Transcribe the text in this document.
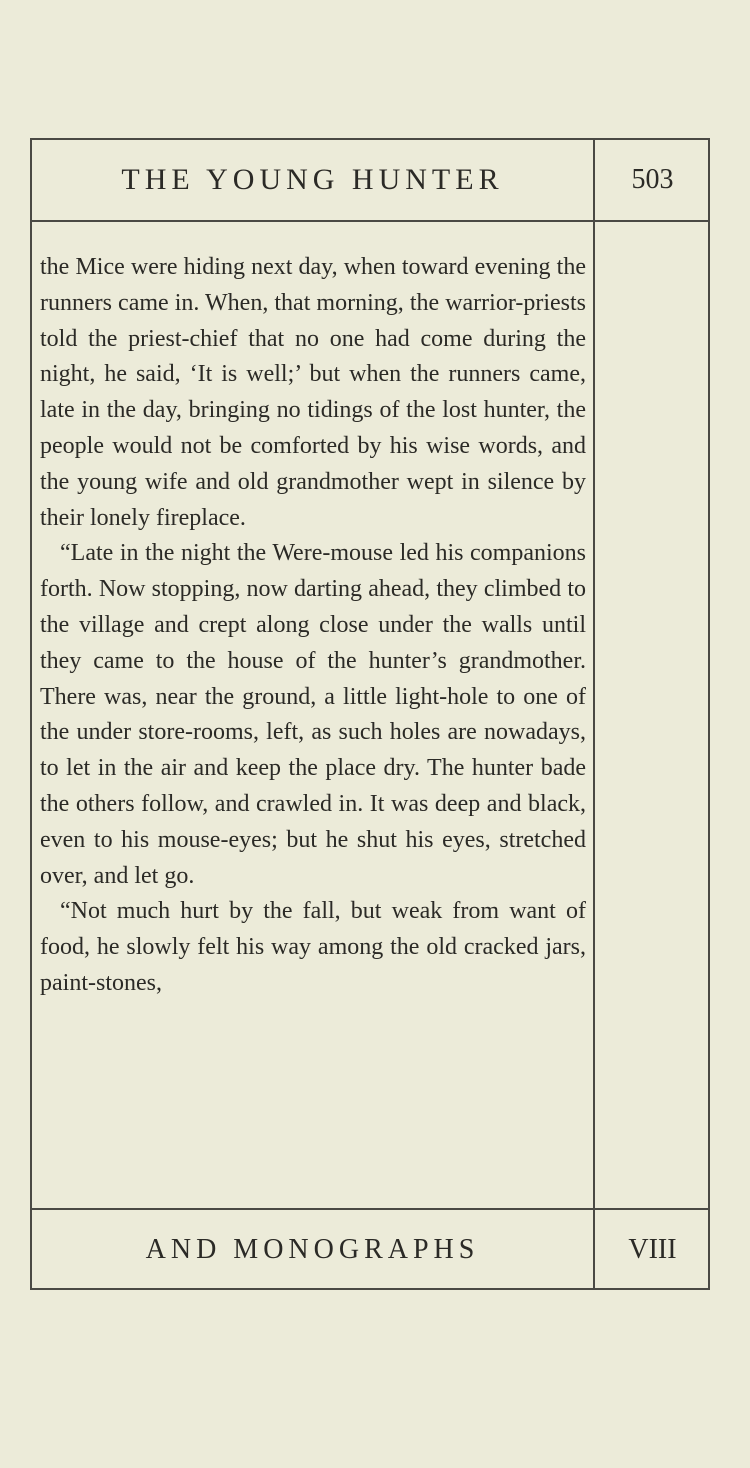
THE YOUNG HUNTER	503

the Mice were hiding next day, when toward evening the runners came in. When, that morning, the warrior-priests told the priest-chief that no one had come during the night, he said, ‘It is well;’ but when the runners came, late in the day, bringing no tidings of the lost hunter, the people would not be comforted by his wise words, and the young wife and old grandmother wept in silence by their lonely fireplace.

“Late in the night the Were-mouse led his companions forth. Now stopping, now darting ahead, they climbed to the village and crept along close under the walls until they came to the house of the hunter’s grandmother. There was, near the ground, a little light-hole to one of the under store-rooms, left, as such holes are nowadays, to let in the air and keep the place dry. The hunter bade the others follow, and crawled in. It was deep and black, even to his mouse-eyes; but he shut his eyes, stretched over, and let go.

“Not much hurt by the fall, but weak from want of food, he slowly felt his way among the old cracked jars, paint-stones,

AND MONOGRAPHS	VIII
